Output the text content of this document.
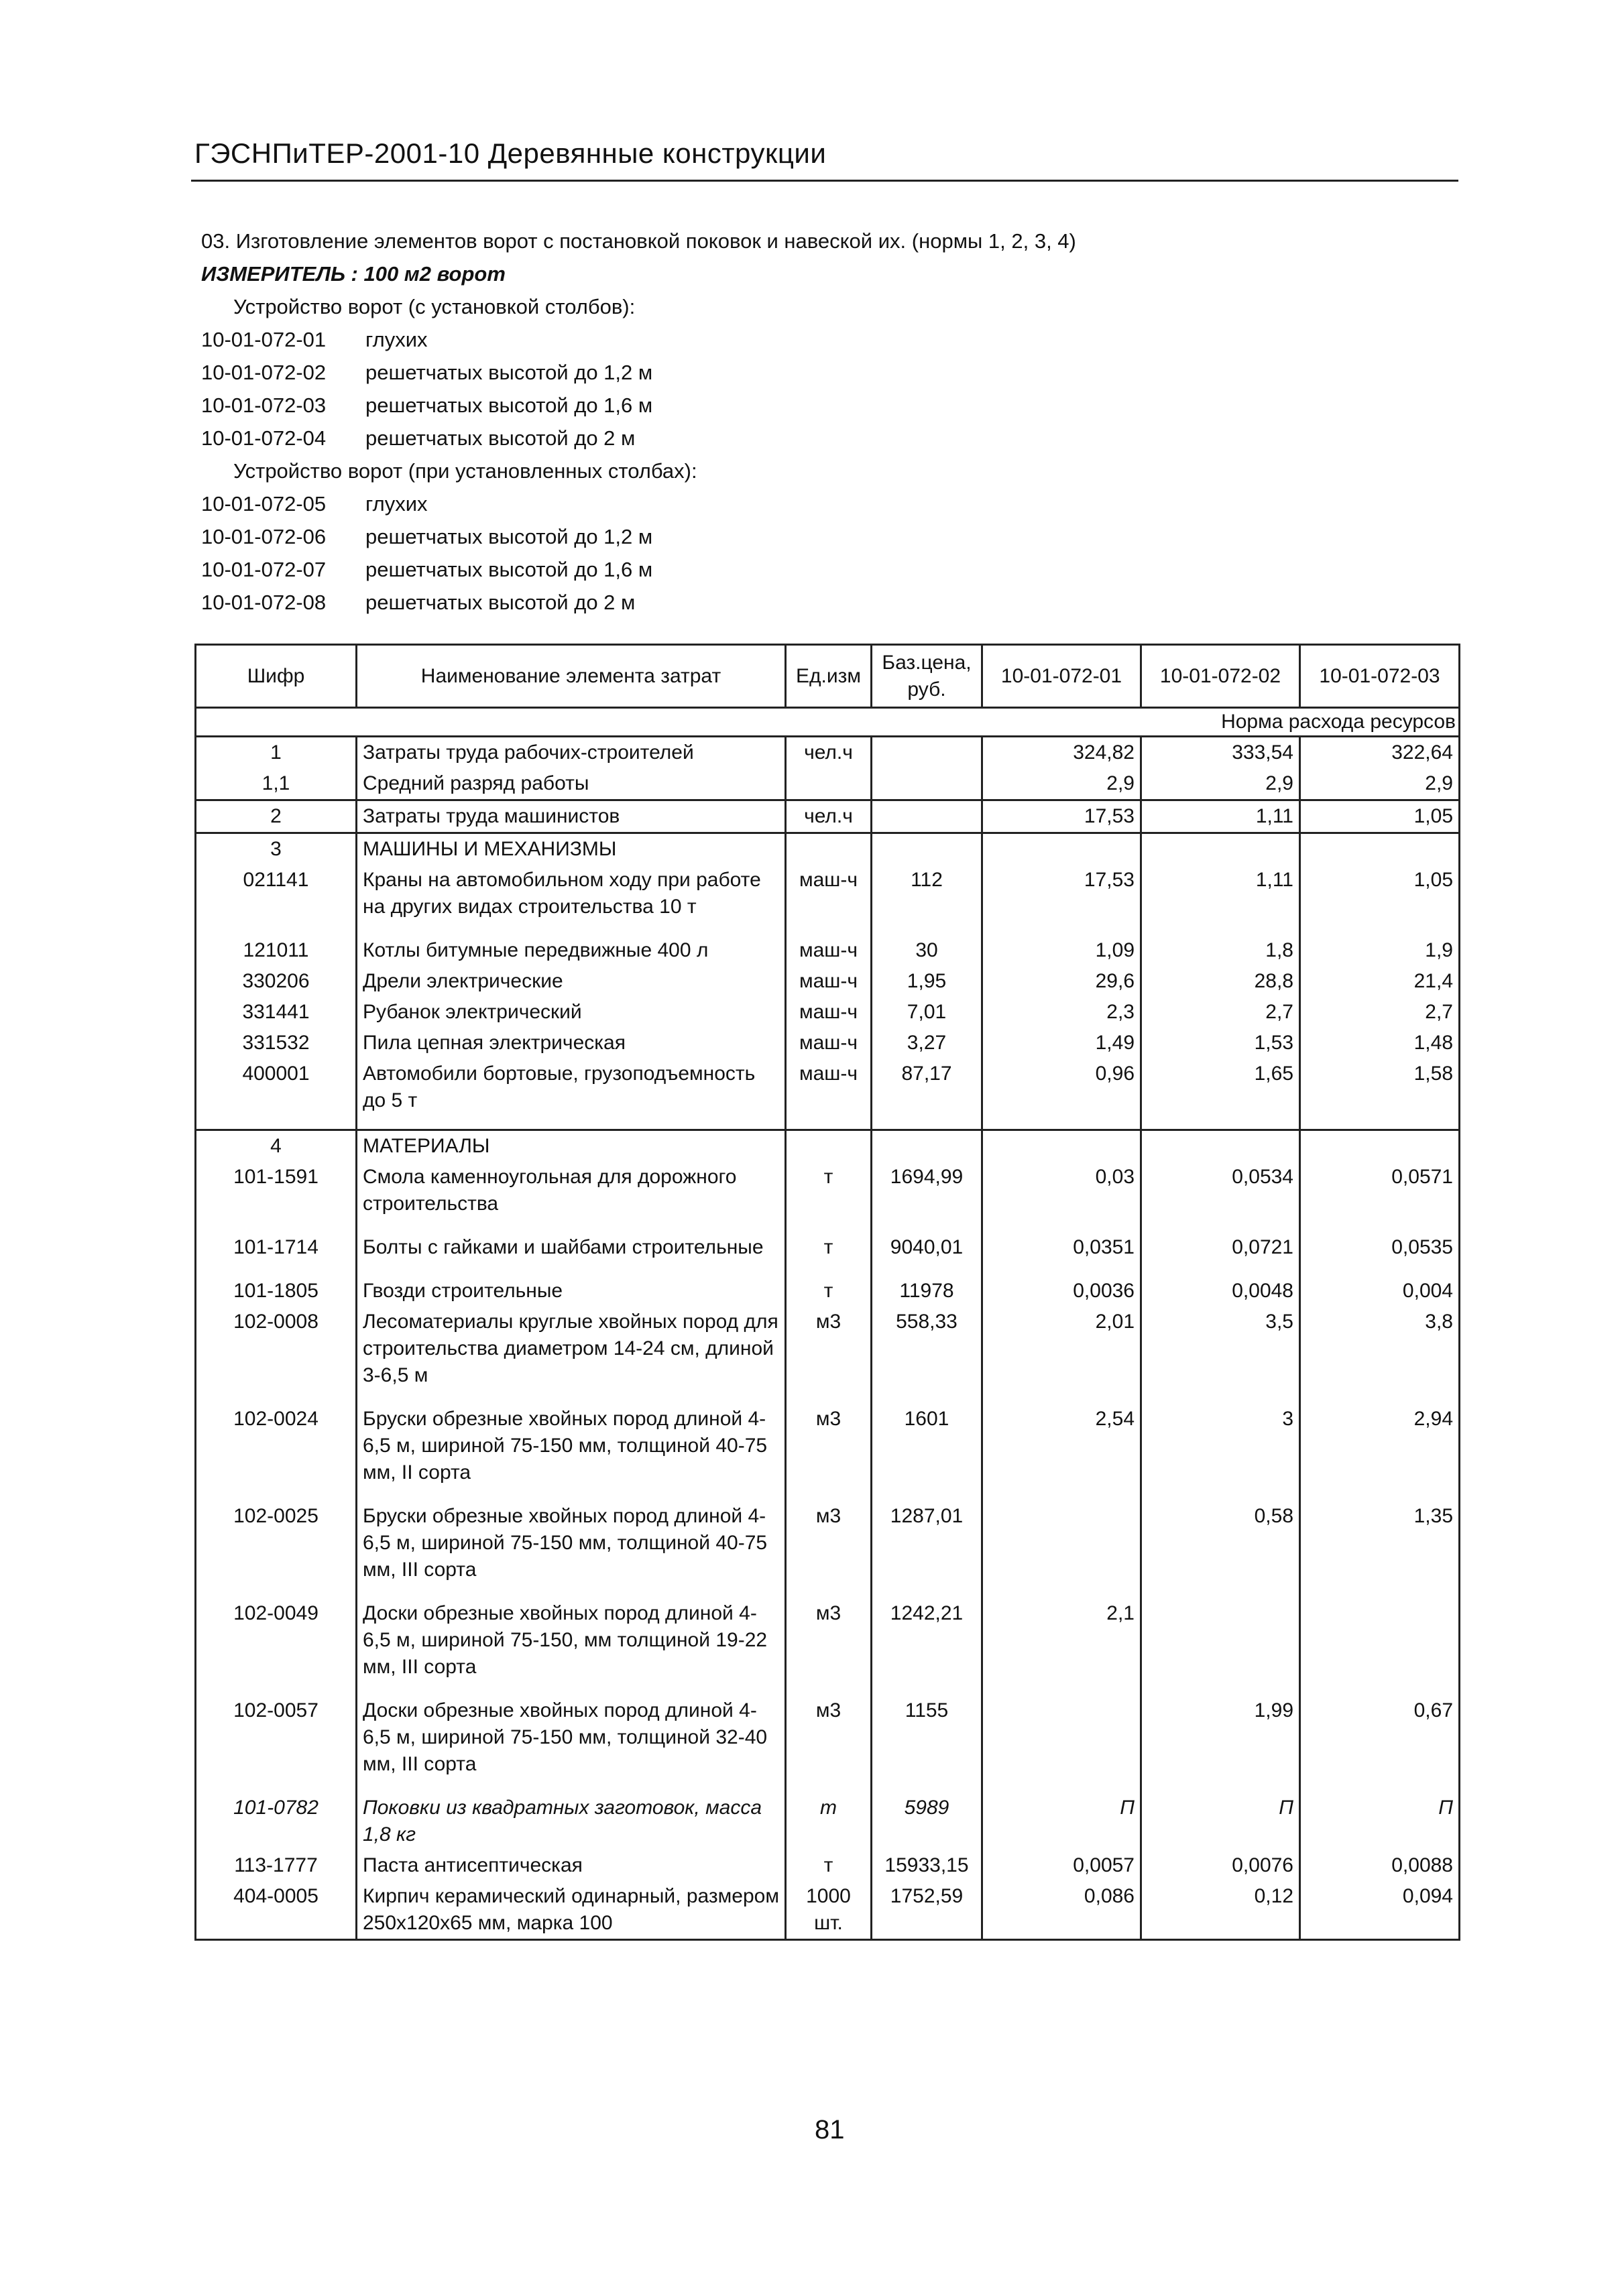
ГЭСНПиТЕР-2001-10 Деревянные конструкции
03. Изготовление элементов ворот с постановкой поковок и навеской их. (нормы 1, 2, 3, 4)
ИЗМЕРИТЕЛЬ : 100 м2 ворот
Устройство ворот (с установкой столбов):
10-01-072-01 глухих
10-01-072-02 решетчатых высотой до 1,2 м
10-01-072-03 решетчатых высотой до 1,6 м
10-01-072-04 решетчатых высотой до 2 м
Устройство ворот (при установленных столбах):
10-01-072-05 глухих
10-01-072-06 решетчатых высотой до 1,2 м
10-01-072-07 решетчатых высотой до 1,6 м
10-01-072-08 решетчатых высотой до 2 м
Шифр	Наименование элемента затрат	Ед.изм	Баз.цена, руб.	10-01-072-01	10-01-072-02	10-01-072-03
Норма расхода ресурсов						
1	Затраты труда рабочих-строителей	чел.ч		324,82	333,54	322,64
1,1	Средний разряд работы			2,9	2,9	2,9
2	Затраты труда машинистов	чел.ч		17,53	1,11	1,05
3	МАШИНЫ И МЕХАНИЗМЫ					
021141	Краны на автомобильном ходу при работе на других видах строительства 10 т	маш-ч	112	17,53	1,11	1,05
121011	Котлы битумные передвижные 400 л	маш-ч	30	1,09	1,8	1,9
330206	Дрели электрические	маш-ч	1,95	29,6	28,8	21,4
331441	Рубанок электрический	маш-ч	7,01	2,3	2,7	2,7
331532	Пила цепная электрическая	маш-ч	3,27	1,49	1,53	1,48
400001	Автомобили бортовые, грузоподъемность до 5 т	маш-ч	87,17	0,96	1,65	1,58
4	МАТЕРИАЛЫ					
101-1591	Смола каменноугольная для дорожного строительства	т	1694,99	0,03	0,0534	0,0571
101-1714	Болты с гайками и шайбами строительные	т	9040,01	0,0351	0,0721	0,0535
101-1805	Гвозди строительные	т	11978	0,0036	0,0048	0,004
102-0008	Лесоматериалы круглые хвойных пород для строительства диаметром 14-24 см, длиной 3-6,5 м	м3	558,33	2,01	3,5	3,8
102-0024	Бруски обрезные хвойных пород длиной 4-6,5 м, шириной 75-150 мм, толщиной 40-75 мм, II сорта	м3	1601	2,54	3	2,94
102-0025	Бруски обрезные хвойных пород длиной 4-6,5 м, шириной 75-150 мм, толщиной 40-75 мм, III сорта	м3	1287,01		0,58	1,35
102-0049	Доски обрезные хвойных пород длиной 4-6,5 м, шириной 75-150, мм толщиной 19-22 мм, III сорта	м3	1242,21	2,1		
102-0057	Доски обрезные хвойных пород длиной 4-6,5 м, шириной 75-150 мм, толщиной 32-40 мм, III сорта	м3	1155		1,99	0,67
101-0782	Поковки из квадратных заготовок, масса 1,8 кг	т	5989	П	П	П
113-1777	Паста антисептическая	т	15933,15	0,0057	0,0076	0,0088
404-0005	Кирпич керамический одинарный, размером 250х120х65 мм, марка 100	1000 шт.	1752,59	0,086	0,12	0,094
81
